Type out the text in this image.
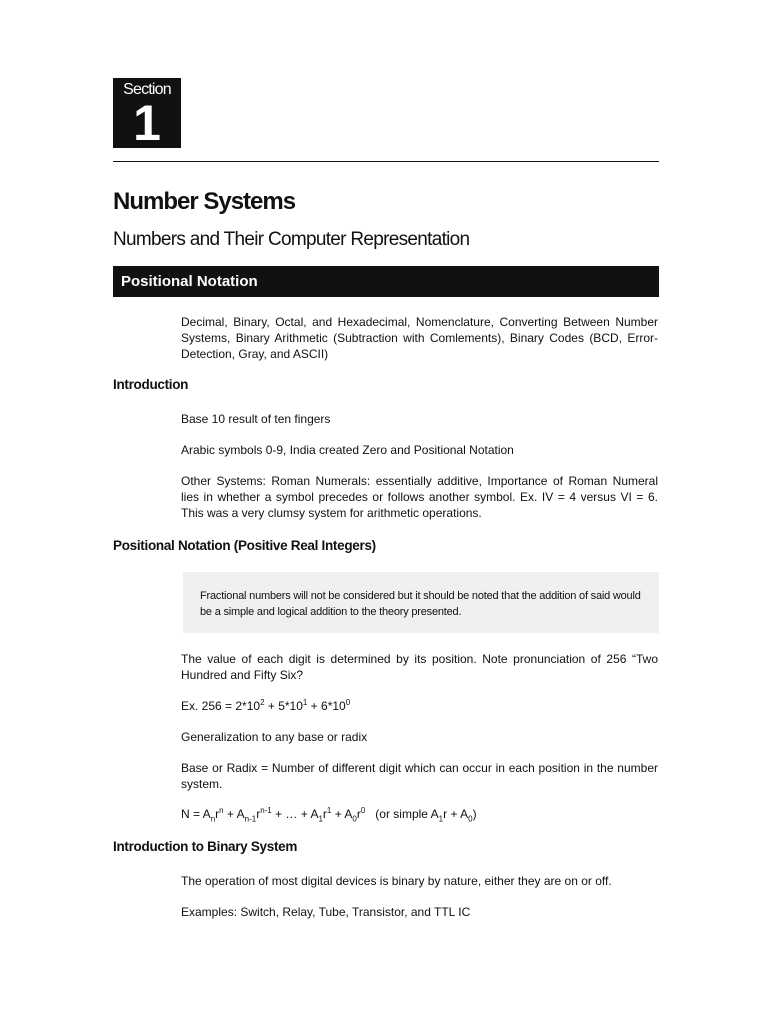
Section
1
Number Systems
Numbers and Their Computer Representation
Positional Notation

Decimal, Binary, Octal, and Hexadecimal, Nomenclature, Converting Between Number Systems, Binary Arithmetic (Subtraction with Comlements), Binary Codes (BCD, Error-Detection, Gray, and ASCII)

Introduction

Base 10 result of ten fingers

Arabic symbols 0-9, India created Zero and Positional Notation

Other Systems: Roman Numerals: essentially additive, Importance of Roman Numeral lies in whether a symbol precedes or follows another symbol. Ex. IV = 4 versus VI = 6. This was a very clumsy system for arithmetic operations.

Positional Notation (Positive Real Integers)

Fractional numbers will not be considered but it should be noted that the addition of said would be a simple and logical addition to the theory presented.

The value of each digit is determined by its position. Note pronunciation of 256 “Two Hundred and Fifty Six?

Ex. $256 = 2*10^2 + 5*10^1 + 6*10^0$

Generalization to any base or radix

Base or Radix = Number of different digit which can occur in each position in the number system.

$N = A_nr^n + A_{n-1}r^{n-1}$ + … + $A_1r^1 + A_0r^0$ (or simple $A_1r + A_0$)

Introduction to Binary System

The operation of most digital devices is binary by nature, either they are on or off.

Examples: Switch, Relay, Tube, Transistor, and TTL IC
